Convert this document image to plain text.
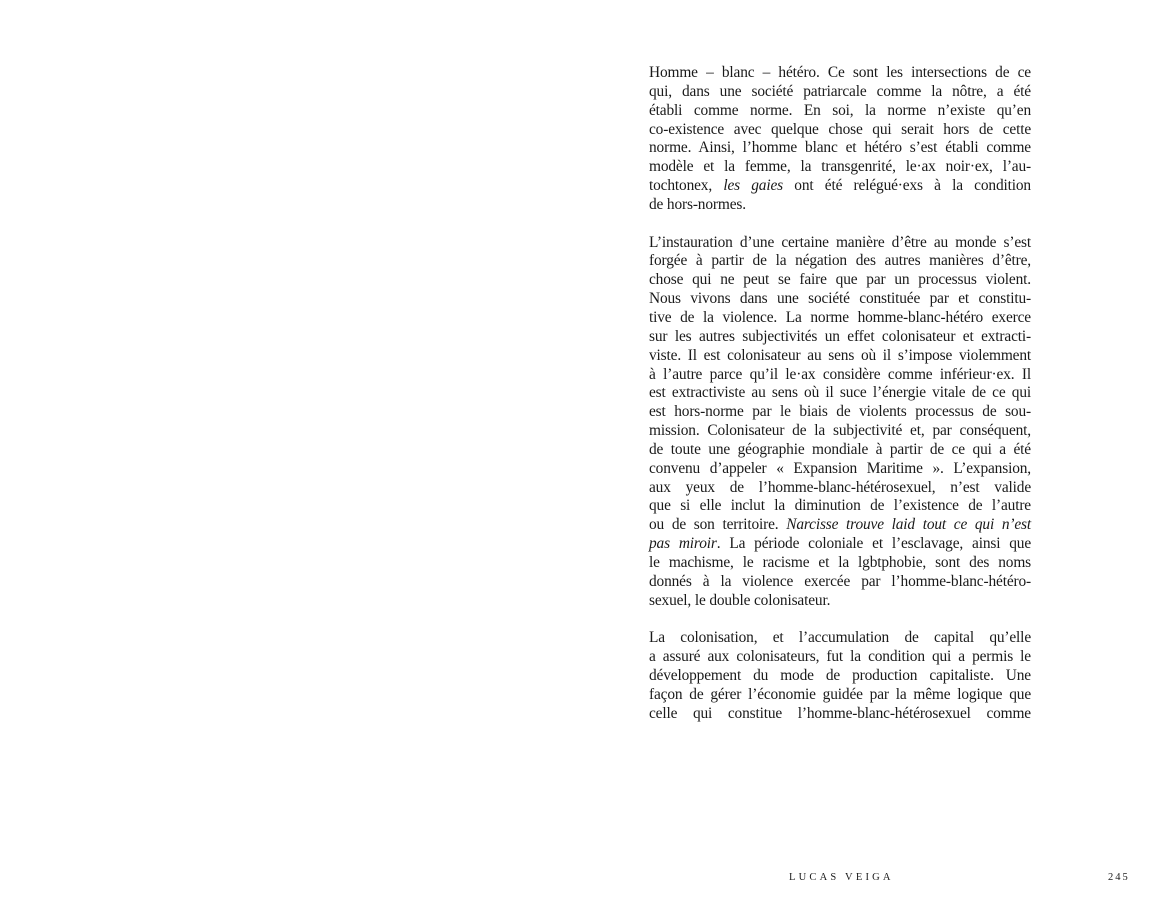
Homme – blanc – hétéro. Ce sont les intersections de ce
qui, dans une société patriarcale comme la nôtre, a été
établi comme norme. En soi, la norme n’existe qu’en
co-existence avec quelque chose qui serait hors de cette
norme. Ainsi, l’homme blanc et hétéro s’est établi comme
modèle et la femme, la transgenrité, le·ax noir·ex, l’au-
tochtonex, les gaies ont été relégué·exs à la condition
de hors-normes.
L’instauration d’une certaine manière d’être au monde s’est
forgée à partir de la négation des autres manières d’être,
chose qui ne peut se faire que par un processus violent.
Nous vivons dans une société constituée par et constitu-
tive de la violence. La norme homme-blanc-hétéro exerce
sur les autres subjectivités un effet colonisateur et extracti-
viste. Il est colonisateur au sens où il s’impose violemment
à l’autre parce qu’il le·ax considère comme inférieur·ex. Il
est extractiviste au sens où il suce l’énergie vitale de ce qui
est hors-norme par le biais de violents processus de sou-
mission. Colonisateur de la subjectivité et, par conséquent,
de toute une géographie mondiale à partir de ce qui a été
convenu d’appeler « Expansion Maritime ». L’expansion,
aux yeux de l’homme-blanc-hétérosexuel, n’est valide
que si elle inclut la diminution de l’existence de l’autre
ou de son territoire. Narcisse trouve laid tout ce qui n’est
pas miroir. La période coloniale et l’esclavage, ainsi que
le machisme, le racisme et la lgbtphobie, sont des noms
donnés à la violence exercée par l’homme-blanc-hétéro-
sexuel, le double colonisateur.
La colonisation, et l’accumulation de capital qu’elle
a assuré aux colonisateurs, fut la condition qui a permis le
développement du mode de production capitaliste. Une
façon de gérer l’économie guidée par la même logique que
celle qui constitue l’homme-blanc-hétérosexuel comme
LUCAS VEIGA	245
